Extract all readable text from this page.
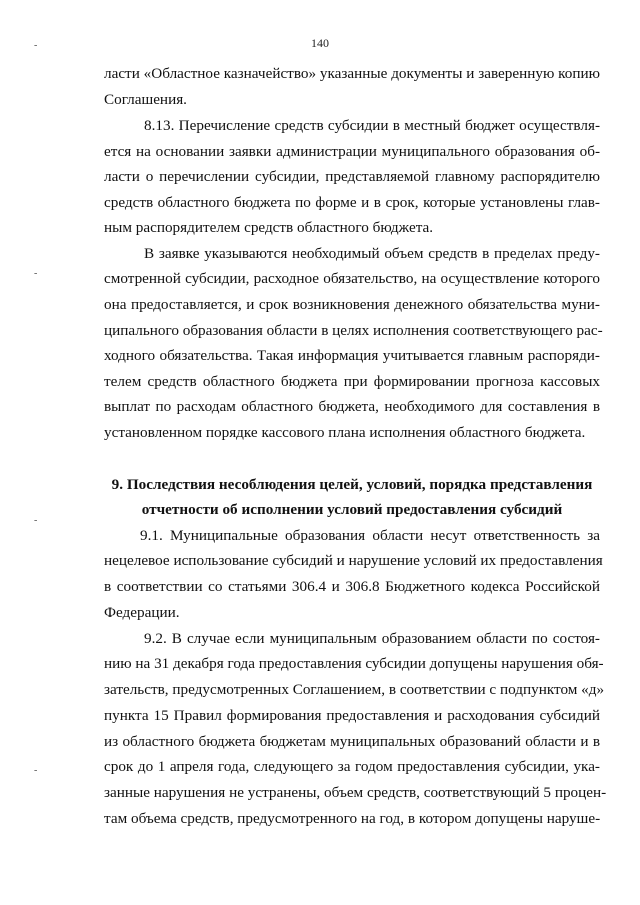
140
-
-
-
-
ласти «Областное казначейство» указанные документы и заверенную копию
Соглашения.
8.13. Перечисление средств субсидии в местный бюджет осуществля-
ется на основании заявки администрации муниципального образования об-
ласти о перечислении субсидии, представляемой главному распорядителю
средств областного бюджета по форме и в срок, которые установлены глав-
ным распорядителем средств областного бюджета.
В заявке указываются необходимый объем средств в пределах преду-
смотренной субсидии, расходное обязательство, на осуществление которого
она предоставляется, и срок возникновения денежного обязательства муни-
ципального образования области в целях исполнения соответствующего рас-
ходного обязательства. Такая информация учитывается главным распоряди-
телем средств областного бюджета при формировании прогноза кассовых
выплат по расходам областного бюджета, необходимого для составления в
установленном порядке кассового плана исполнения областного бюджета.
9. Последствия несоблюдения целей, условий, порядка представления
отчетности об исполнении условий предоставления субсидий
9.1. Муниципальные образования области несут ответственность за
нецелевое использование субсидий и нарушение условий их предоставления
в соответствии со статьями 306.4 и 306.8 Бюджетного кодекса Российской
Федерации.
9.2. В случае если муниципальным образованием области по состоя-
нию на 31 декабря года предоставления субсидии допущены нарушения обя-
зательств, предусмотренных Соглашением, в соответствии с подпунктом «д»
пункта 15 Правил формирования предоставления и расходования субсидий
из областного бюджета бюджетам муниципальных образований области и в
срок до 1 апреля года, следующего за годом предоставления субсидии, ука-
занные нарушения не устранены, объем средств, соответствующий 5 процен-
там объема средств, предусмотренного на год, в котором допущены наруше-
